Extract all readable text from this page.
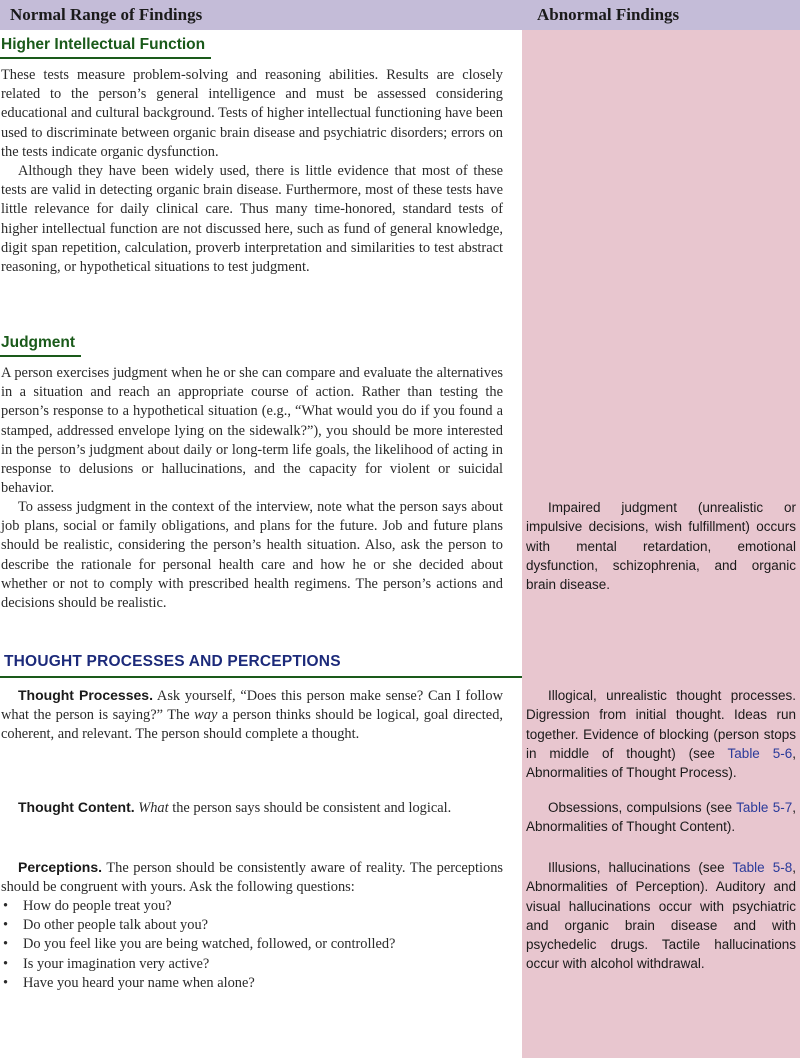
Normal Range of Findings	Abnormal Findings
Higher Intellectual Function

These tests measure problem-solving and reasoning abilities. Results are closely related to the person’s general intelligence and must be assessed considering educational and cultural background. Tests of higher intellectual functioning have been used to discriminate between organic brain disease and psychiatric disorders; errors on the tests indicate organic dysfunction.

Although they have been widely used, there is little evidence that most of these tests are valid in detecting organic brain disease. Furthermore, most of these tests have little relevance for daily clinical care. Thus many time-honored, standard tests of higher intellectual function are not discussed here, such as fund of general knowledge, digit span repetition, calculation, proverb interpretation and similarities to test abstract reasoning, or hypothetical situations to test judgment.

Judgment

A person exercises judgment when he or she can compare and evaluate the alternatives in a situation and reach an appropriate course of action. Rather than testing the person’s response to a hypothetical situation (e.g., “What would you do if you found a stamped, addressed envelope lying on the sidewalk?”), you should be more interested in the person’s judgment about daily or long-term life goals, the likelihood of acting in response to delusions or hallucinations, and the capacity for violent or suicidal behavior.

To assess judgment in the context of the interview, note what the person says about job plans, social or family obligations, and plans for the future. Job and future plans should be realistic, considering the person’s health situation. Also, ask the person to describe the rationale for personal health care and how he or she decided about whether or not to comply with prescribed health regimens. The person’s actions and decisions should be realistic.

Impaired judgment (unrealistic or impulsive decisions, wish fulfillment) occurs with mental retardation, emotional dysfunction, schizophrenia, and organic brain disease.

THOUGHT PROCESSES AND PERCEPTIONS

Thought Processes. Ask yourself, “Does this person make sense? Can I follow what the person is saying?” The way a person thinks should be logical, goal directed, coherent, and relevant. The person should complete a thought.

Illogical, unrealistic thought processes. Digression from initial thought. Ideas run together. Evidence of blocking (person stops in middle of thought) (see Table 5-6, Abnormalities of Thought Process).

Thought Content. What the person says should be consistent and logical.	Obsessions, compulsions (see Table 5-7, Abnormalities of Thought Content).

Perceptions. The person should be consistently aware of reality. The perceptions should be congruent with yours. Ask the following questions:

• How do people treat you?
• Do other people talk about you?
• Do you feel like you are being watched, followed, or controlled?
• Is your imagination very active?
• Have you heard your name when alone?

Illusions, hallucinations (see Table 5-8, Abnormalities of Perception). Auditory and visual hallucinations occur with psychiatric and organic brain disease and with psychedelic drugs. Tactile hallucinations occur with alcohol withdrawal.
